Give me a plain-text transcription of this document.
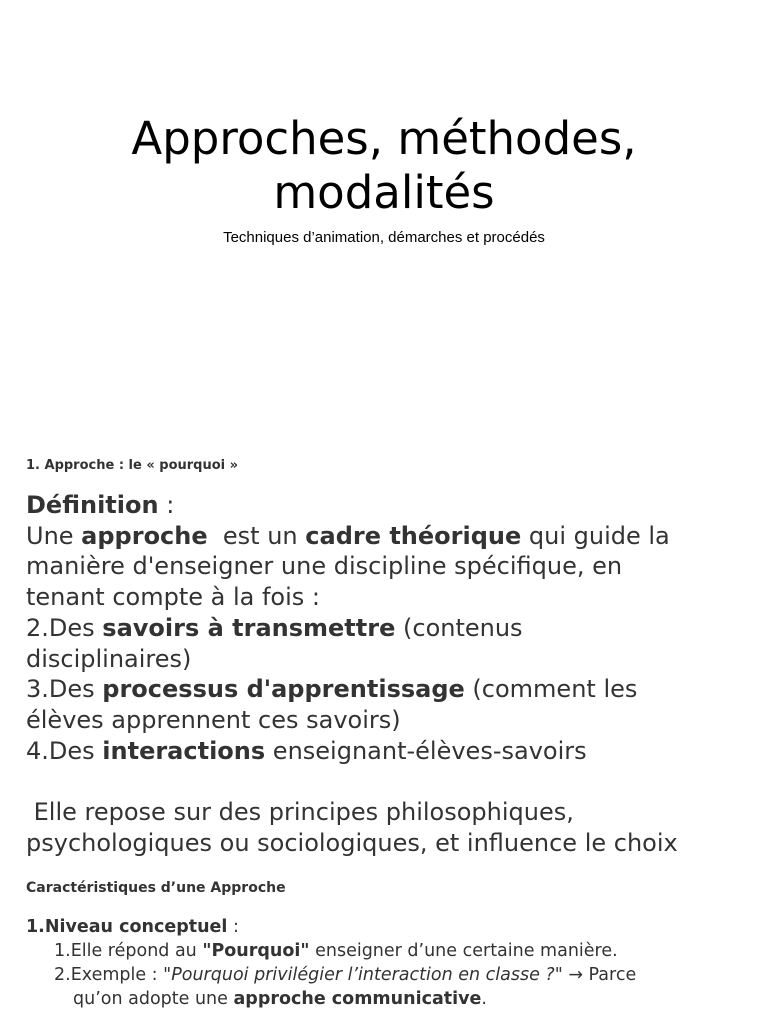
Approches, méthodes,
modalités
Techniques d’animation, démarches et procédés
1. Approche : le « pourquoi »
Définition :
Une approche  est un cadre théorique qui guide la
manière d'enseigner une discipline spécifique, en
tenant compte à la fois :
2.Des savoirs à transmettre (contenus
disciplinaires)
3.Des processus d'apprentissage (comment les
élèves apprennent ces savoirs)
4.Des interactions enseignant-élèves-savoirs
Elle repose sur des principes philosophiques,
psychologiques ou sociologiques, et influence le choix
Caractéristiques d’une Approche
1.Niveau conceptuel :
1.Elle répond au "Pourquoi" enseigner d’une certaine manière.
2.Exemple : "Pourquoi privilégier l’interaction en classe ?" → Parce
qu’on adopte une approche communicative.
